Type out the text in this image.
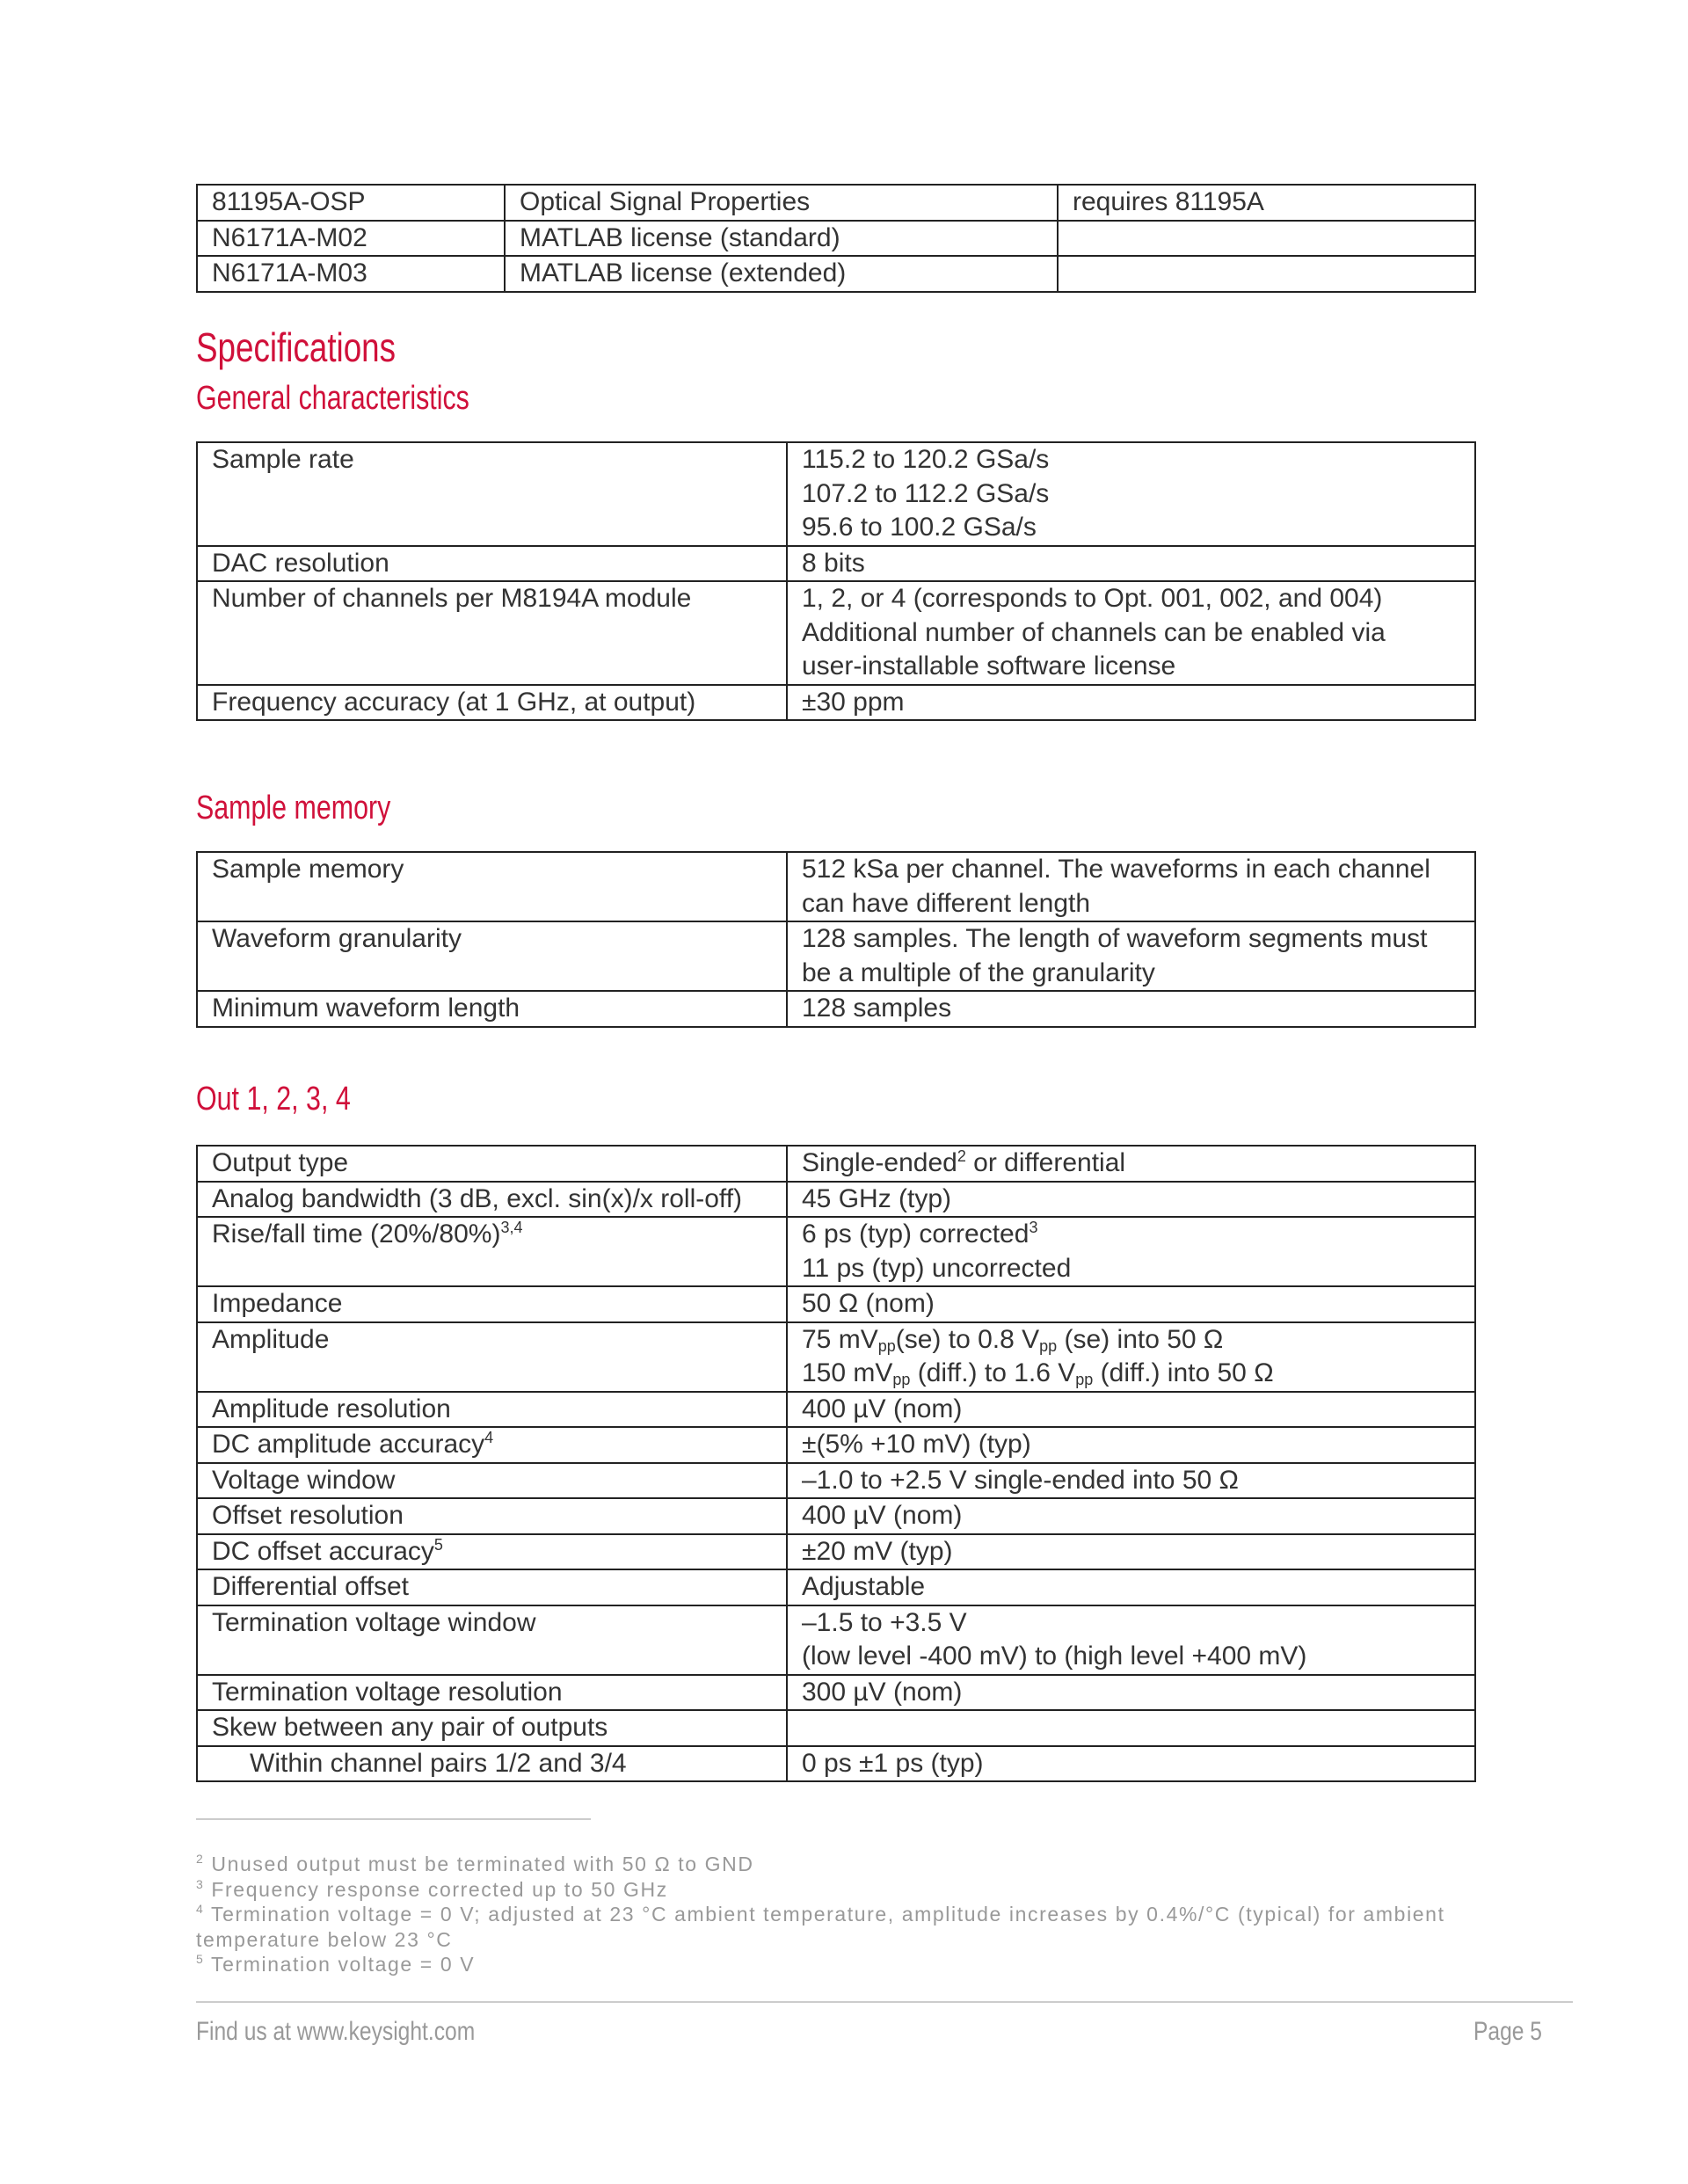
81195A-OSP	Optical Signal Properties	requires 81195A

N6171A-M02	MATLAB license (standard)	

N6171A-M03	MATLAB license (extended)	

Specifications
General characteristics
Sample rate	115.2 to 120.2 GSa/s
107.2 to 112.2 GSa/s
95.6 to 100.2 GSa/s

DAC resolution	8 bits

Number of channels per M8194A module	1, 2, or 4 (corresponds to Opt. 001, 002, and 004)
Additional number of channels can be enabled via
user-installable software license

Frequency accuracy (at 1 GHz, at output)	±30 ppm
Sample memory
Sample memory	512 kSa per channel. The waveforms in each channel
can have different length

Waveform granularity	128 samples. The length of waveform segments must
be a multiple of the granularity

Minimum waveform length	128 samples
Out 1, 2, 3, 4
Output type	Single-ended$^2$ or differential

Analog bandwidth (3 dB, excl. sin(x)/x roll-off)	45 GHz (typ)

Rise/fall time $(20\%/80\%)^{3,4}$	6 ps (typ) corrected$^3$
11 ps (typ) uncorrected

Impedance	50 Ω (nom)

Amplitude	75 $mV_{pp}(se)$ to 0.8 $V_{pp}$ (se) into 50 Ω
150 $mV_{pp}$ (diff.) to 1.6 $V_{pp}$ (diff.) into 50 Ω

Amplitude resolution	400 µV (nom)

DC amplitude accuracy$^4$	±(5% +10 mV) (typ)

Voltage window	–1.0 to +2.5 V single-ended into 50 Ω

Offset resolution	400 µV (nom)

DC offset accuracy$^5$	±20 mV (typ)

Differential offset	Adjustable

Termination voltage window	–1.5 to +3.5 V
(low level -400 mV) to (high level +400 mV)

Termination voltage resolution	300 µV (nom)

Skew between any pair of outputs	

Within channel pairs 1/2 and 3/4	0 ps ±1 ps (typ)
$^2$ Unused output must be terminated with 50 Ω to GND
$^3$ Frequency response corrected up to 50 GHz
$^4$ Termination voltage = 0 V; adjusted at 23 °C ambient temperature, amplitude increases by 0.4%/°C (typical) for ambient temperature below 23 °C
$^5$ Termination voltage = 0 V
Find us at www.keysight.com	Page 5
